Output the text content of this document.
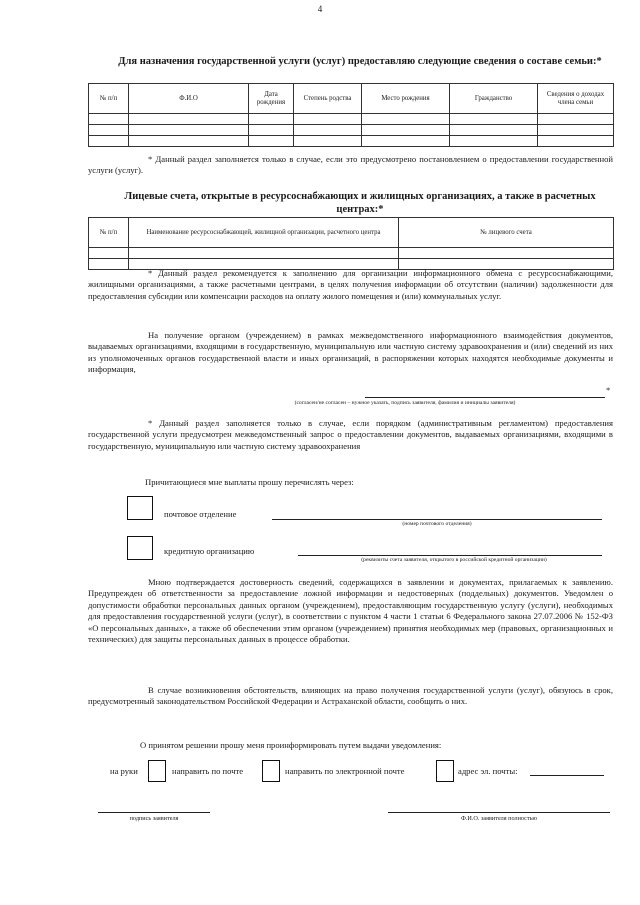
4
Для назначения государственной услуги (услуг) предоставляю следующие сведения о составе семьи:*
№ п/п	Ф.И.О	Дата рождения	Степень родства	Место рождения	Гражданство	Сведения о доходах члена семьи

* Данный раздел заполняется только в случае, если это предусмотрено постановлением о предоставлении государственной услуги (услуг).
Лицевые счета, открытые в ресурсоснабжающих и жилищных организациях, а также в расчетных центрах:*
№ п/п	Наименование ресурсоснабжающей, жилищной организации, расчетного центра	№ лицевого счета

* Данный раздел рекомендуется к заполнению для организации информационного обмена с ресурсоснабжающими, жилищными организациями, а также расчетными центрами, в целях получения информации об отсутствии (наличии) задолженности для предоставления субсидии или компенсации расходов на оплату жилого помещения и (или) коммунальных услуг.
На получение органом (учреждением) в рамках межведомственного информационного взаимодействия документов, выдаваемых организациями, входящими в государственную, муниципальную или частную систему здравоохранения и (или) сведений из них из уполномоченных органов государственной власти и иных организаций, в распоряжении которых находятся необходимые документы и информация,
*
(согласен/не согласен – нужное указать, подпись заявителя, фамилия и инициалы заявителя)
* Данный раздел заполняется только в случае, если порядком (административным регламентом) предоставления государственной услуги предусмотрен межведомственный запрос о предоставлении документов, выдаваемых организациями, входящими в государственную, муниципальную или частную систему здравоохранения
Причитающиеся мне выплаты прошу перечислять через:
почтовое отделение
(номер почтового отделения)
кредитную организацию
(реквизиты счета заявителя, открытого в российской кредитной организации)
Мною подтверждается достоверность сведений, содержащихся в заявлении и документах, прилагаемых к заявлению. Предупрежден об ответственности за предоставление ложной информации и недостоверных (поддельных) документов. Уведомлен о допустимости обработки персональных данных органом (учреждением), предоставляющим государственную услугу (услуги), необходимых для предоставления государственной услуги (услуг), в соответствии с пунктом 4 части 1 статьи 6 Федерального закона 27.07.2006 № 152-ФЗ «О персональных данных», а также об обеспечении этим органом (учреждением) принятия необходимых мер (правовых, организационных и технических) для защиты персональных данных в процессе обработки.
В случае возникновения обстоятельств, влияющих на право получения государственной услуги (услуг), обязуюсь в срок, предусмотренный законодательством Российской Федерации и Астраханской области, сообщить о них.
О принятом решении прошу меня проинформировать путем выдачи уведомления:
на руки	направить по почте	направить по электронной почте	адрес эл. почты:
подпись заявителя	Ф.И.О. заявителя полностью
